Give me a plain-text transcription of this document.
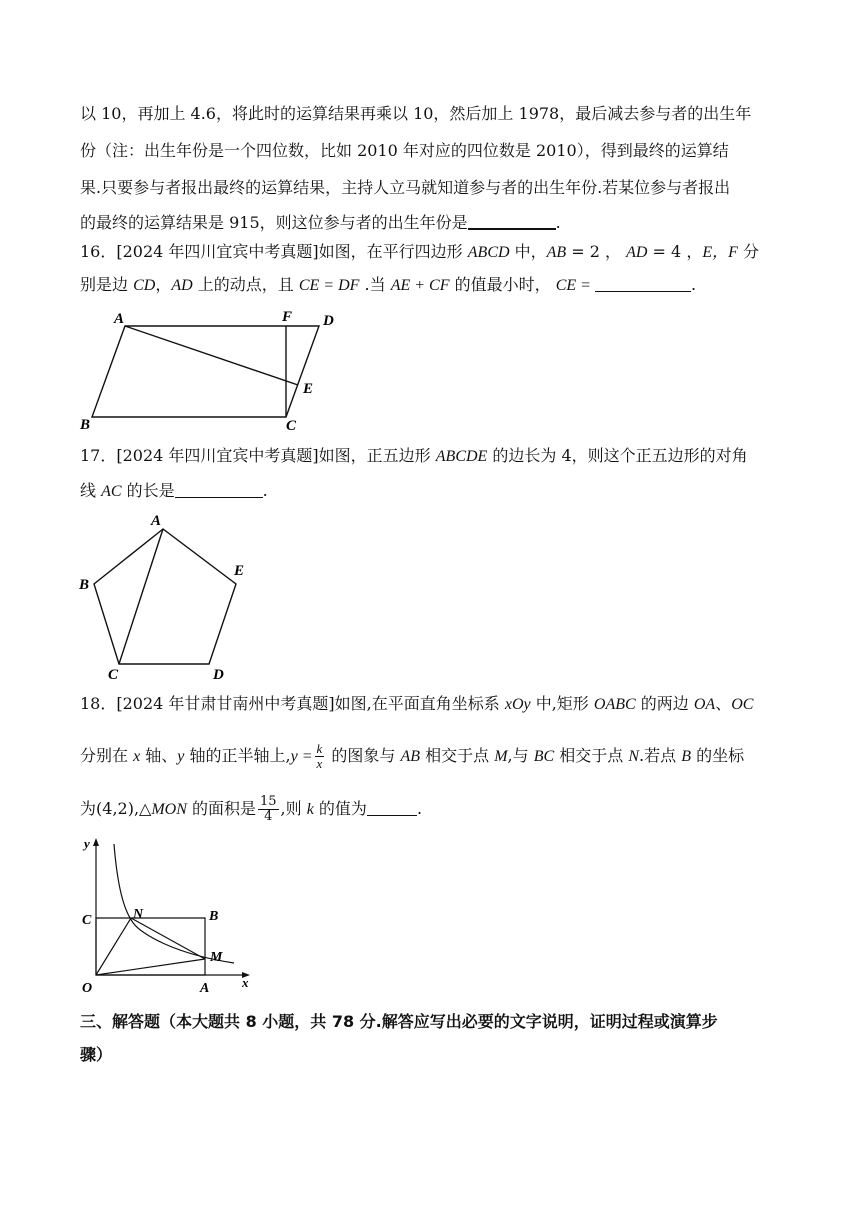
以 10，再加上 4.6，将此时的运算结果再乘以 10，然后加上 1978，最后减去参与者的出生年
份（注：出生年份是一个四位数，比如 2010 年对应的四位数是 2010），得到最终的运算结
果.只要参与者报出最终的运算结果，主持人立马就知道参与者的出生年份.若某位参与者报出
的最终的运算结果是 915，则这位参与者的出生年份是	.
16．[2024 年四川宜宾中考真题]如图，在平行四边形 ABCD 中，AB = 2 ， AD = 4 ，E，F 分
别是边 CD，AD 上的动点，且 CE = DF .当 AE + CF 的值最小时， CE =	.
A	F D
E
B	C
17．[2024 年四川宜宾中考真题]如图，正五边形 ABCDE 的边长为 4，则这个正五边形的对角
线 AC 的长是	.
A
B
E
C	D
18．[2024 年甘肃甘南州中考真题]如图,在平面直角坐标系 xOy 中,矩形 OABC 的两边 OA、OC
分别在 x 轴、y 轴的正半轴上$,y = \frac{k}{x}$ 的图象与 AB 相交于点 M,与 BC 相交于点 N.若点 B 的坐标
为(4,2),△MON 的面积是 $\frac{15}{4}$ ,则 k 的值为	.
y
C	N	B
M
O	A	x
三、解答题（本大题共 8 小题，共 78 分.解答应写出必要的文字说明，证明过程或演算步
骤）
